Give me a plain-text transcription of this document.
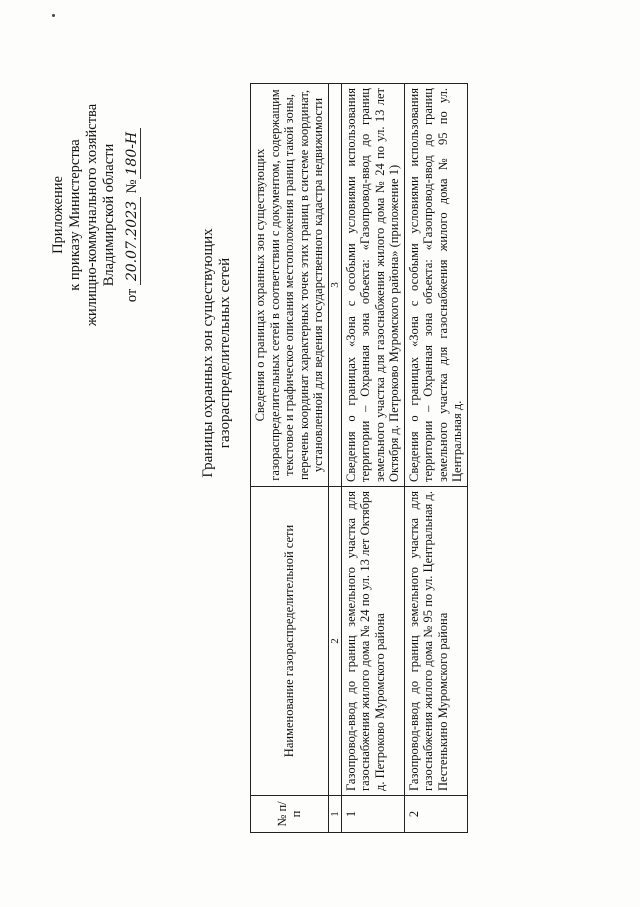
Приложение к приказу Министерства жилищно-коммунального хозяйства Владимирской области
от 20.07.2023 №180-Н
Границы охранных зон существующих газораспределительных сетей
№ п/п	Наименование газораспределительной сети	Сведения о границах охранных зон существующих газораспределительных сетей в соответствии с документом, содержащим текстовое и графическое описания местоположения границ такой зоны, перечень координат характерных точек этих границ в системе координат, установленной для ведения государственного кадастра недвижимости
1	2	3
1	Газопровод-ввод до границ земельного участка для газоснабжения жилого дома № 24 по ул. 13 лет Октября д. Петроково Муромского района	Сведения о границах «Зона с особыми условиями использования территории – Охранная зона объекта: «Газопровод-ввод до границ земельного участка для газоснабжения жилого дома № 24 по ул. 13 лет Октября д. Петроково Муромского района» (приложение 1)
2	Газопровод-ввод до границ земельного участка для газоснабжения жилого дома № 95 по ул. Центральная д. Пестенькино Муромского района	Сведения о границах «Зона с особыми условиями использования территории – Охранная зона объекта: «Газопровод-ввод до границ земельного участка для газоснабжения жилого дома № 95 по ул. Центральная д.
